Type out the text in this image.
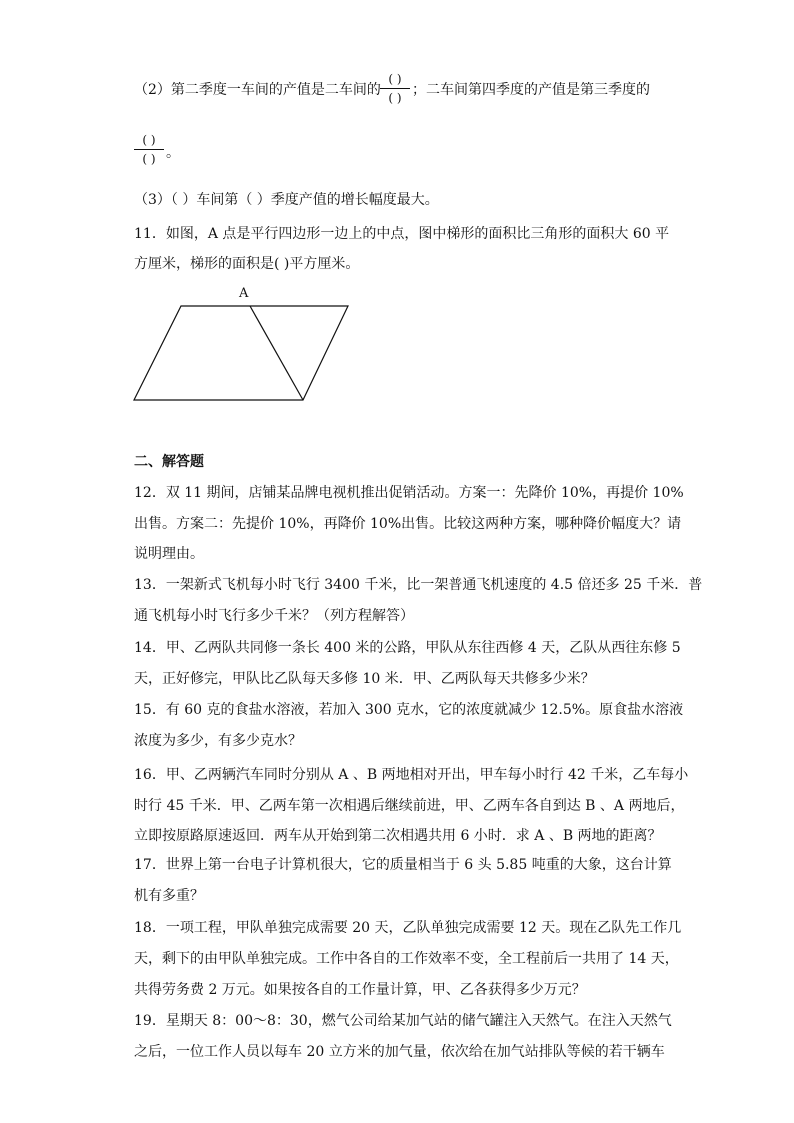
（2）第二季度一车间的产值是二车间的
( )
( ) ；二车间第四季度的产值是第三季度的
( )
( ) 。
（3）（ ）车间第（ ）季度产值的增长幅度最大。
11．如图，A 点是平行四边形一边上的中点，图中梯形的面积比三角形的面积大 60 平
方厘米，梯形的面积是( )平方厘米。
A
二、解答题
12．双 11 期间，店铺某品牌电视机推出促销活动。方案一：先降价 10%，再提价 10%
出售。方案二：先提价 10%，再降价 10%出售。比较这两种方案，哪种降价幅度大？请
说明理由。
13．一架新式飞机每小时飞行 3400 千米，比一架普通飞机速度的 4.5 倍还多 25 千米．普
通飞机每小时飞行多少千米？（列方程解答）
14．甲、乙两队共同修一条长 400 米的公路，甲队从东往西修 4 天，乙队从西往东修 5
天，正好修完，甲队比乙队每天多修 10 米．甲、乙两队每天共修多少米？
15．有 60 克的食盐水溶液，若加入 300 克水，它的浓度就减少 12.5%。原食盐水溶液
浓度为多少，有多少克水？
16．甲、乙两辆汽车同时分别从 A 、B 两地相对开出，甲车每小时行 42 千米，乙车每小
时行 45 千米．甲、乙两车第一次相遇后继续前进，甲、乙两车各自到达 B 、A 两地后，
立即按原路原速返回．两车从开始到第二次相遇共用 6 小时．求 A 、B 两地的距离？
17．世界上第一台电子计算机很大，它的质量相当于 6 头 5.85 吨重的大象，这台计算
机有多重？
18．一项工程，甲队单独完成需要 20 天，乙队单独完成需要 12 天。现在乙队先工作几
天，剩下的由甲队单独完成。工作中各自的工作效率不变，全工程前后一共用了 14 天，
共得劳务费 2 万元。如果按各自的工作量计算，甲、乙各获得多少万元？
19．星期天 8：00～8：30，燃气公司给某加气站的储气罐注入天然气。在注入天然气
之后，一位工作人员以每车 20 立方米的加气量，依次给在加气站排队等候的若干辆车
